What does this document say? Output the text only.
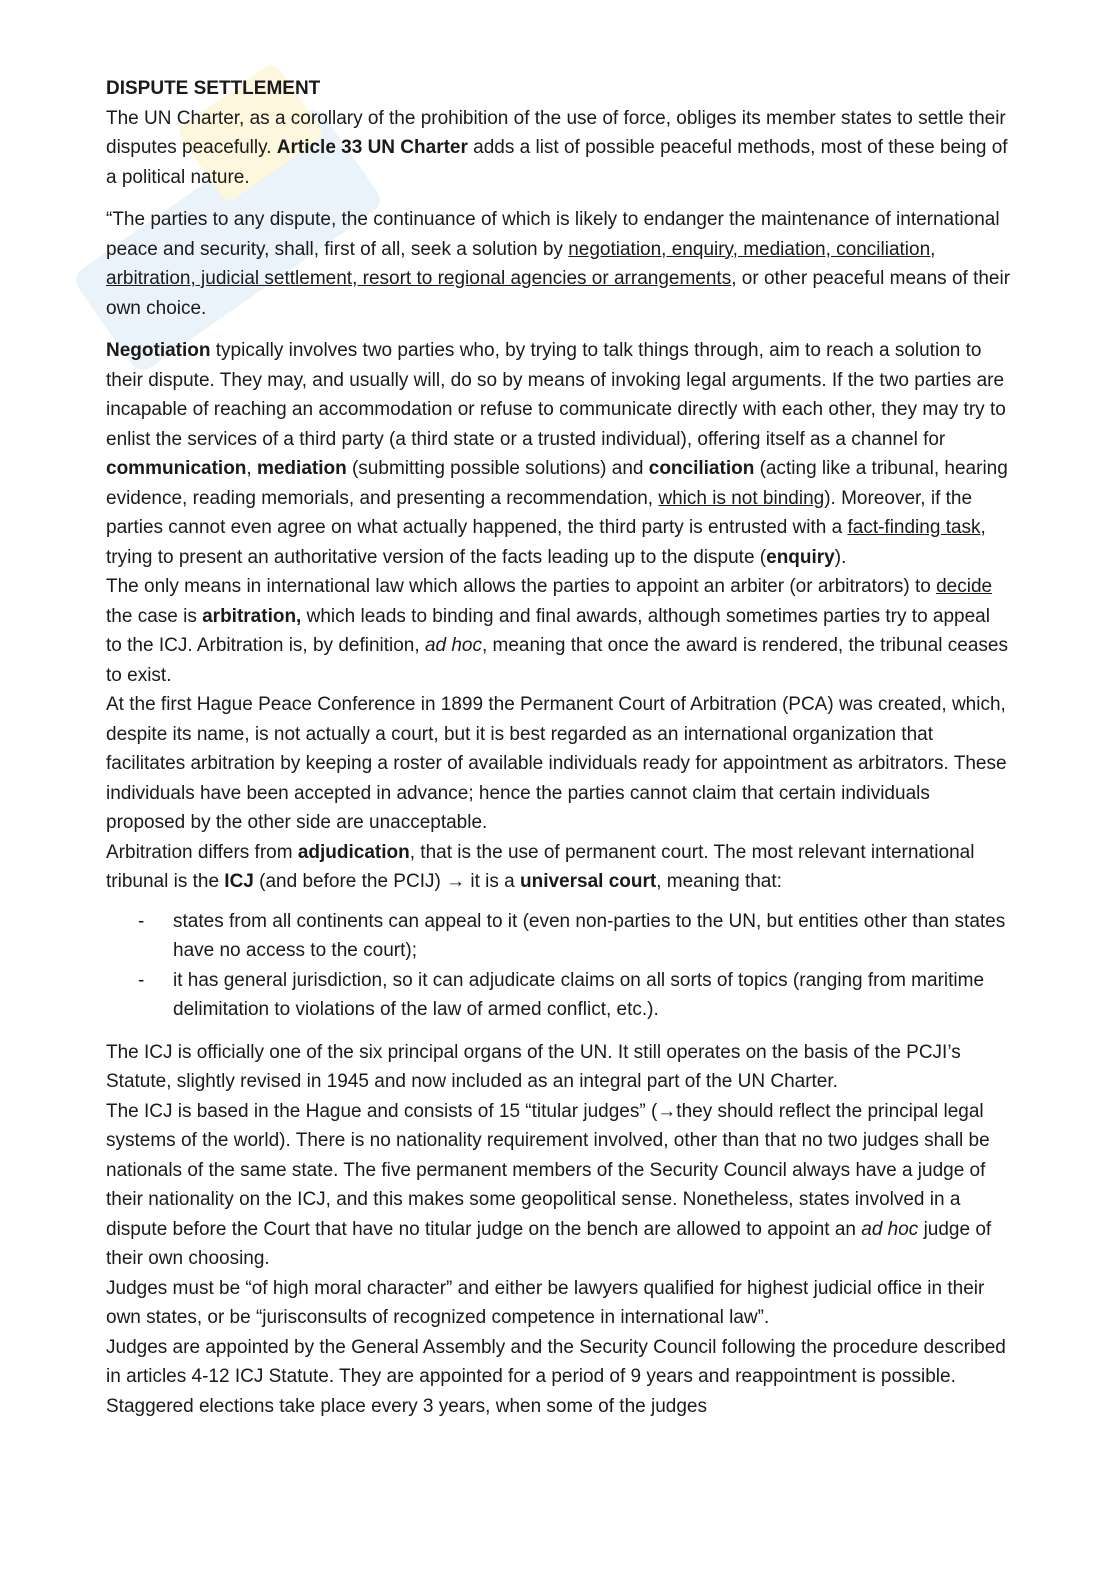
DISPUTE SETTLEMENT

The UN Charter, as a corollary of the prohibition of the use of force, obliges its member states to settle their disputes peacefully. Article 33 UN Charter adds a list of possible peaceful methods, most of these being of a political nature.

“The parties to any dispute, the continuance of which is likely to endanger the maintenance of international peace and security, shall, first of all, seek a solution by negotiation, enquiry, mediation, conciliation, arbitration, judicial settlement, resort to regional agencies or arrangements, or other peaceful means of their own choice.

Negotiation typically involves two parties who, by trying to talk things through, aim to reach a solution to their dispute. They may, and usually will, do so by means of invoking legal arguments. If the two parties are incapable of reaching an accommodation or refuse to communicate directly with each other, they may try to enlist the services of a third party (a third state or a trusted individual), offering itself as a channel for communication, mediation (submitting possible solutions) and conciliation (acting like a tribunal, hearing evidence, reading memorials, and presenting a recommendation, which is not binding). Moreover, if the parties cannot even agree on what actually happened, the third party is entrusted with a fact-finding task, trying to present an authoritative version of the facts leading up to the dispute (enquiry).

The only means in international law which allows the parties to appoint an arbiter (or arbitrators) to decide the case is arbitration, which leads to binding and final awards, although sometimes parties try to appeal to the ICJ. Arbitration is, by definition, ad hoc, meaning that once the award is rendered, the tribunal ceases to exist.

At the first Hague Peace Conference in 1899 the Permanent Court of Arbitration (PCA) was created, which, despite its name, is not actually a court, but it is best regarded as an international organization that facilitates arbitration by keeping a roster of available individuals ready for appointment as arbitrators. These individuals have been accepted in advance; hence the parties cannot claim that certain individuals proposed by the other side are unacceptable.

Arbitration differs from adjudication, that is the use of permanent court. The most relevant international tribunal is the ICJ (and before the PCIJ) → it is a universal court, meaning that:

- states from all continents can appeal to it (even non-parties to the UN, but entities other than states have no access to the court);
- it has general jurisdiction, so it can adjudicate claims on all sorts of topics (ranging from maritime delimitation to violations of the law of armed conflict, etc.).

The ICJ is officially one of the six principal organs of the UN. It still operates on the basis of the PCJI’s Statute, slightly revised in 1945 and now included as an integral part of the UN Charter.

The ICJ is based in the Hague and consists of 15 “titular judges” (→they should reflect the principal legal systems of the world). There is no nationality requirement involved, other than that no two judges shall be nationals of the same state. The five permanent members of the Security Council always have a judge of their nationality on the ICJ, and this makes some geopolitical sense. Nonetheless, states involved in a dispute before the Court that have no titular judge on the bench are allowed to appoint an ad hoc judge of their own choosing.

Judges must be “of high moral character” and either be lawyers qualified for highest judicial office in their own states, or be “jurisconsults of recognized competence in international law”.

Judges are appointed by the General Assembly and the Security Council following the procedure described in articles 4-12 ICJ Statute. They are appointed for a period of 9 years and reappointment is possible. Staggered elections take place every 3 years, when some of the judges
